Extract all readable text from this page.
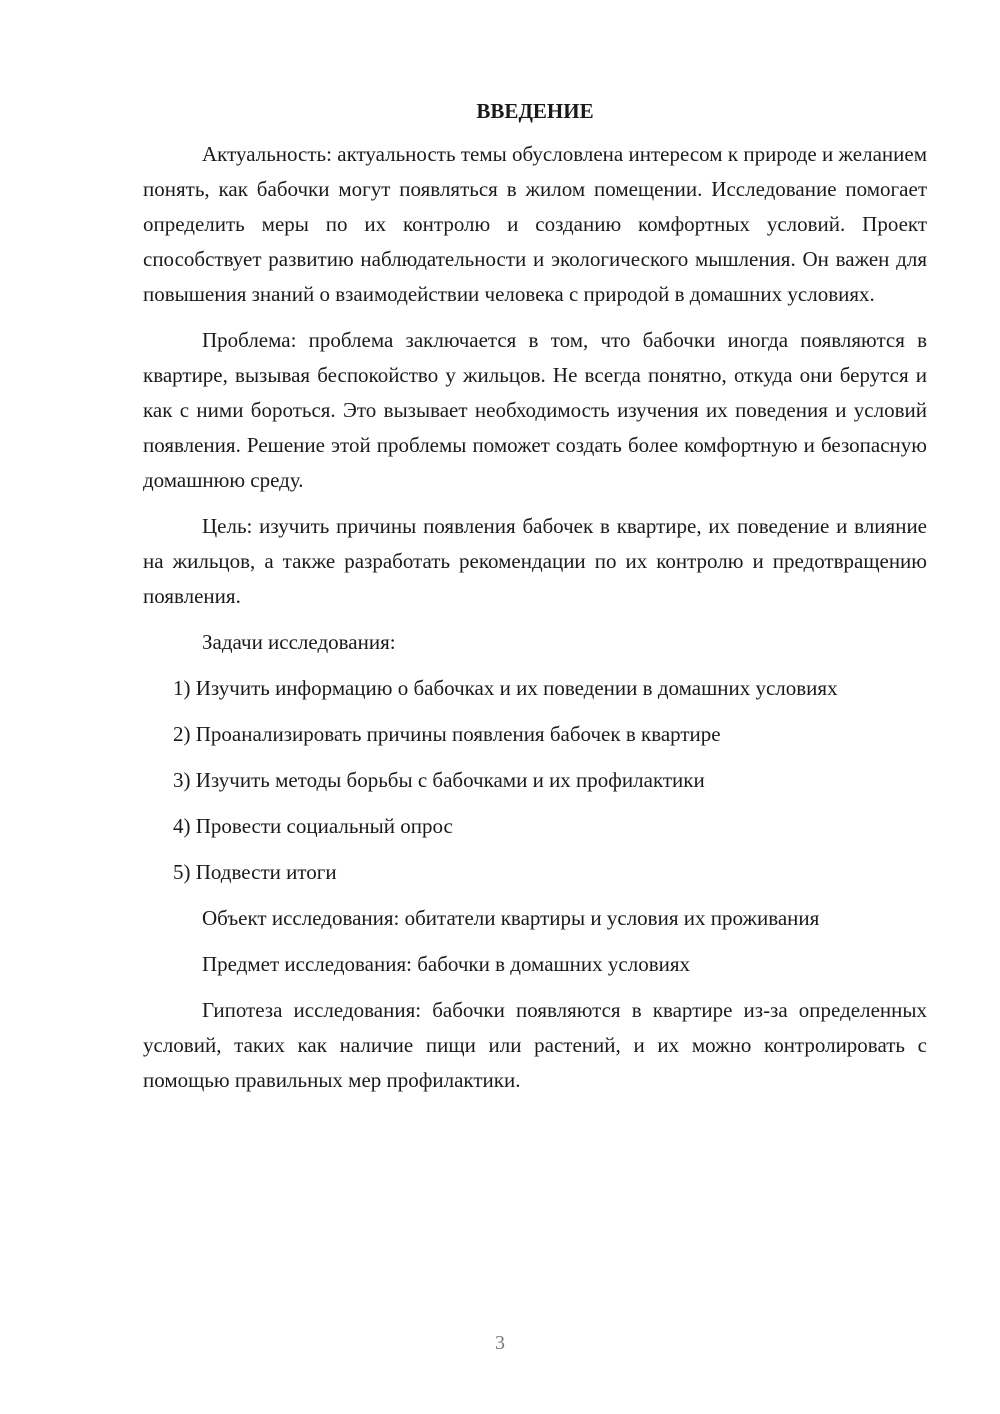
ВВЕДЕНИЕ

Актуальность: актуальность темы обусловлена интересом к природе и желанием понять, как бабочки могут появляться в жилом помещении. Исследование помогает определить меры по их контролю и созданию комфортных условий. Проект способствует развитию наблюдательности и экологического мышления. Он важен для повышения знаний о взаимодействии человека с природой в домашних условиях.

Проблема: проблема заключается в том, что бабочки иногда появляются в квартире, вызывая беспокойство у жильцов. Не всегда понятно, откуда они берутся и как с ними бороться. Это вызывает необходимость изучения их поведения и условий появления. Решение этой проблемы поможет создать более комфортную и безопасную домашнюю среду.

Цель: изучить причины появления бабочек в квартире, их поведение и влияние на жильцов, а также разработать рекомендации по их контролю и предотвращению появления.

Задачи исследования:

1) Изучить информацию о бабочках и их поведении в домашних условиях

2) Проанализировать причины появления бабочек в квартире

3) Изучить методы борьбы с бабочками и их профилактики

4) Провести социальный опрос

5) Подвести итоги

Объект исследования: обитатели квартиры и условия их проживания

Предмет исследования: бабочки в домашних условиях

Гипотеза исследования: бабочки появляются в квартире из-за определенных условий, таких как наличие пищи или растений, и их можно контролировать с помощью правильных мер профилактики.

3
